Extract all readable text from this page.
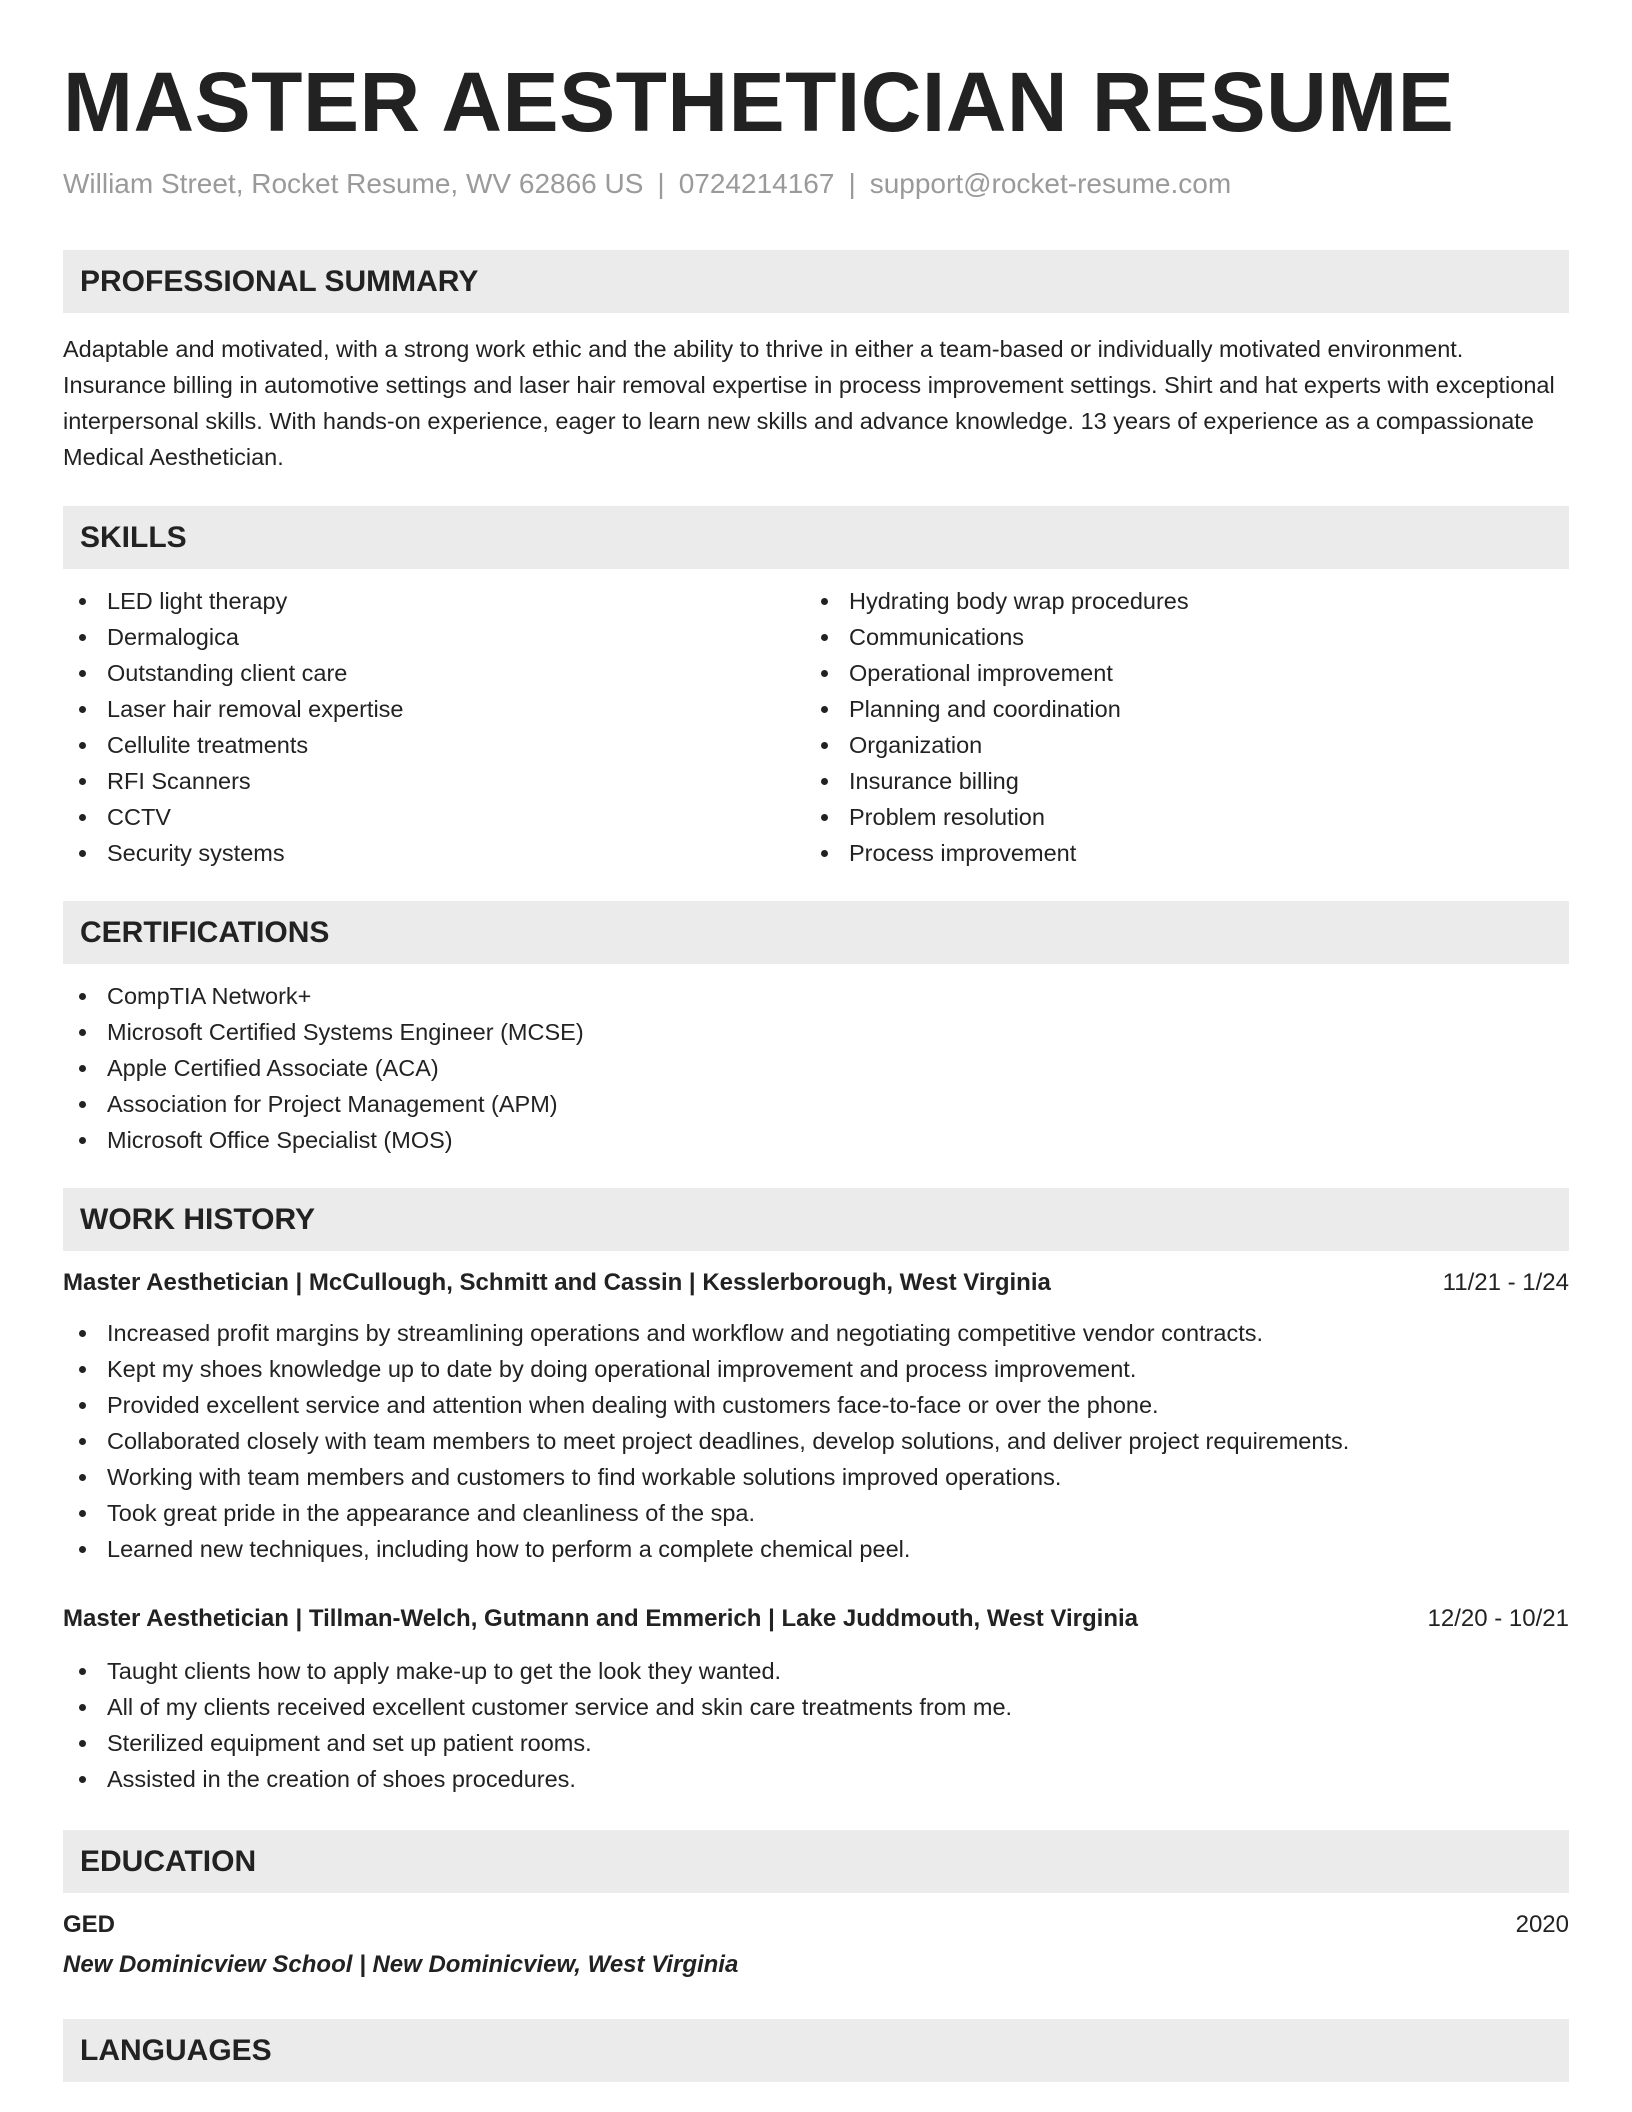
MASTER AESTHETICIAN RESUME
William Street, Rocket Resume, WV 62866 US | 0724214167 | support@rocket-resume.com
PROFESSIONAL SUMMARY

Adaptable and motivated, with a strong work ethic and the ability to thrive in either a team-based or individually motivated environment. Insurance billing in automotive settings and laser hair removal expertise in process improvement settings. Shirt and hat experts with exceptional interpersonal skills. With hands-on experience, eager to learn new skills and advance knowledge. 13 years of experience as a compassionate Medical Aesthetician.

SKILLS
LED light therapy
Dermalogica
Outstanding client care
Laser hair removal expertise
Cellulite treatments
RFI Scanners
CCTV
Security systems
Hydrating body wrap procedures
Communications
Operational improvement
Planning and coordination
Organization
Insurance billing
Problem resolution
Process improvement
CERTIFICATIONS
CompTIA Network+
Microsoft Certified Systems Engineer (MCSE)
Apple Certified Associate (ACA)
Association for Project Management (APM)
Microsoft Office Specialist (MOS)
WORK HISTORY
Master Aesthetician | McCullough, Schmitt and Cassin | Kesslerborough, West Virginia	11/21 - 1/24
Increased profit margins by streamlining operations and workflow and negotiating competitive vendor contracts.
Kept my shoes knowledge up to date by doing operational improvement and process improvement.
Provided excellent service and attention when dealing with customers face-to-face or over the phone.
Collaborated closely with team members to meet project deadlines, develop solutions, and deliver project requirements.
Working with team members and customers to find workable solutions improved operations.
Took great pride in the appearance and cleanliness of the spa.
Learned new techniques, including how to perform a complete chemical peel.
Master Aesthetician | Tillman-Welch, Gutmann and Emmerich | Lake Juddmouth, West Virginia	12/20 - 10/21
Taught clients how to apply make-up to get the look they wanted.
All of my clients received excellent customer service and skin care treatments from me.
Sterilized equipment and set up patient rooms.
Assisted in the creation of shoes procedures.
EDUCATION
GED	2020
New Dominicview School | New Dominicview, West Virginia
LANGUAGES
